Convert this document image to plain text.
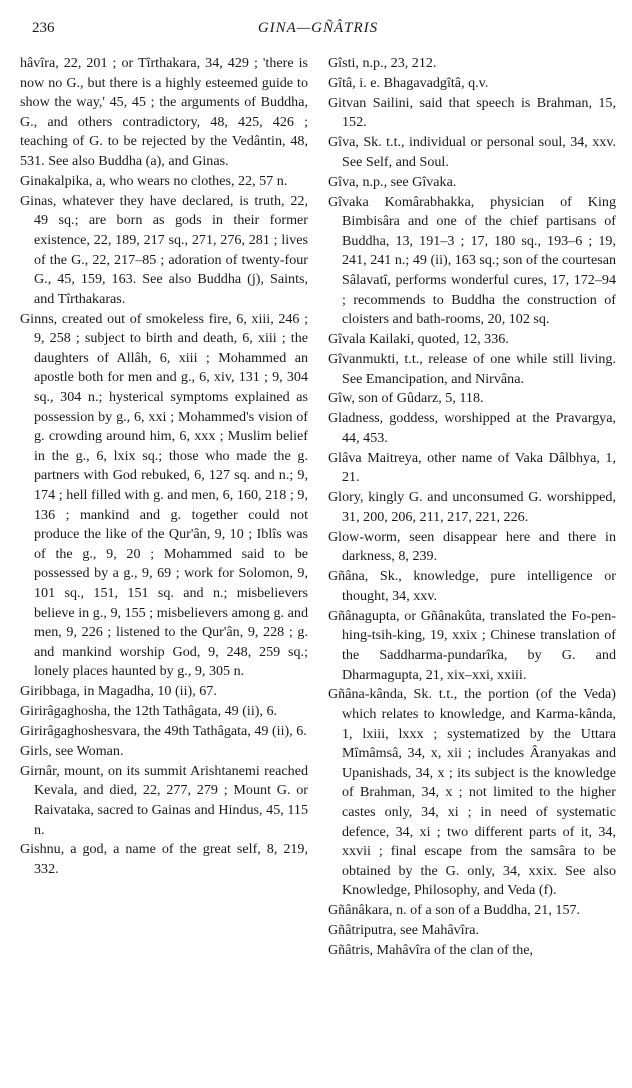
236	GINA—GÑÂTRIS

hâvîra, 22, 201 ; or Tîrthakara, 34, 429 ; 'there is now no G., but there is a highly esteemed guide to show the way,' 45, 45 ; the arguments of Buddha, G., and others contradictory, 48, 425, 426 ; teaching of G. to be rejected by the Vedântin, 48, 531. See also Buddha (a), and Ginas.

Ginakalpika, a, who wears no clothes, 22, 57 n.

Ginas, whatever they have declared, is truth, 22, 49 sq.; are born as gods in their former existence, 22, 189, 217 sq., 271, 276, 281 ; lives of the G., 22, 217–85 ; adoration of twenty-four G., 45, 159, 163. See also Buddha (j), Saints, and Tîrthakaras.

Ginns, created out of smokeless fire, 6, xiii, 246 ; 9, 258 ; subject to birth and death, 6, xiii ; the daughters of Allâh, 6, xiii ; Mohammed an apostle both for men and g., 6, xiv, 131 ; 9, 304 sq., 304 n.; hysterical symptoms explained as possession by g., 6, xxi ; Mohammed's vision of g. crowding around him, 6, xxx ; Muslim belief in the g., 6, lxix sq.; those who made the g. partners with God rebuked, 6, 127 sq. and n.; 9, 174 ; hell filled with g. and men, 6, 160, 218 ; 9, 136 ; mankind and g. together could not produce the like of the Qur'ân, 9, 10 ; Iblîs was of the g., 9, 20 ; Mohammed said to be possessed by a g., 9, 69 ; work for Solomon, 9, 101 sq., 151, 151 sq. and n.; misbelievers believe in g., 9, 155 ; misbelievers among g. and men, 9, 226 ; listened to the Qur'ân, 9, 228 ; g. and mankind worship God, 9, 248, 259 sq.; lonely places haunted by g., 9, 305 n.

Giribbaga, in Magadha, 10 (ii), 67.

Girirâgaghosha, the 12th Tathâgata, 49 (ii), 6.

Girirâgaghoshesvara, the 49th Tathâgata, 49 (ii), 6.

Girls, see Woman.

Girnâr, mount, on its summit Arishtanemi reached Kevala, and died, 22, 277, 279 ; Mount G. or Raivataka, sacred to Gainas and Hindus, 45, 115 n.

Gishnu, a god, a name of the great self, 8, 219, 332.

Gîsti, n.p., 23, 212.

Gîtâ, i. e. Bhagavadgîtâ, q.v.

Gitvan Sailini, said that speech is Brahman, 15, 152.

Gîva, Sk. t.t., individual or personal soul, 34, xxv. See Self, and Soul.

Gîva, n.p., see Gîvaka.

Gîvaka Komârabhakka, physician of King Bimbisâra and one of the chief partisans of Buddha, 13, 191–3 ; 17, 180 sq., 193–6 ; 19, 241, 241 n.; 49 (ii), 163 sq.; son of the courtesan Sâlavatî, performs wonderful cures, 17, 172–94 ; recommends to Buddha the construction of cloisters and bath-rooms, 20, 102 sq.

Gîvala Kailaki, quoted, 12, 336.

Gîvanmukti, t.t., release of one while still living. See Emancipation, and Nirvâna.

Gîw, son of Gûdarz, 5, 118.

Gladness, goddess, worshipped at the Pravargya, 44, 453.

Glâva Maitreya, other name of Vaka Dâlbhya, 1, 21.

Glory, kingly G. and unconsumed G. worshipped, 31, 200, 206, 211, 217, 221, 226.

Glow-worm, seen disappear here and there in darkness, 8, 239.

Gñâna, Sk., knowledge, pure intelligence or thought, 34, xxv.

Gñânagupta, or Gñânakûta, translated the Fo-pen-hing-tsih-king, 19, xxix ; Chinese translation of the Saddharma-pundarîka, by G. and Dharmagupta, 21, xix–xxi, xxiii.

Gñâna-kânda, Sk. t.t., the portion (of the Veda) which relates to knowledge, and Karma-kânda, 1, lxiii, lxxx ; systematized by the Uttara Mîmâmsâ, 34, x, xii ; includes Âranyakas and Upanishads, 34, x ; its subject is the knowledge of Brahman, 34, x ; not limited to the higher castes only, 34, xi ; in need of systematic defence, 34, xi ; two different parts of it, 34, xxvii ; final escape from the samsâra to be obtained by the G. only, 34, xxix. See also Knowledge, Philosophy, and Veda (f).

Gñânâkara, n. of a son of a Buddha, 21, 157.

Gñâtriputra, see Mahâvîra.

Gñâtris, Mahâvîra of the clan of the,
